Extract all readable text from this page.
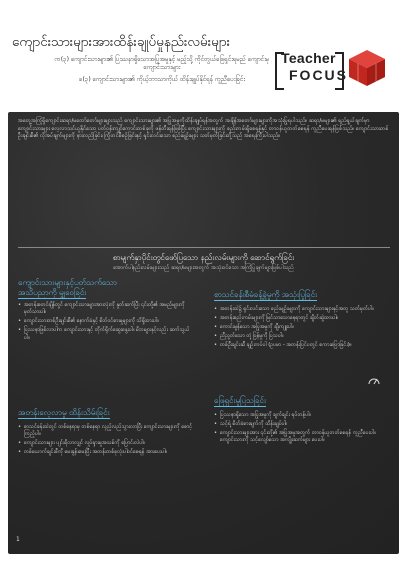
ကျောင်းသားများအားထိန်းချုပ်မှုနည်းလမ်းများ
က(၃) ကျောင်းသားများ၏ ပြဿနာရှိသောအပြုအမူနှင့် မည့်သို့ ကိုင်တွယ်ဖြေရှင်းရမည် ကျောင်းမှ ကျောင်းသားများ
ခ(၃) ကျောင်းသားများ၏ ကိုယ့်ဘာသာကိုယ် ထိန်းချုပ်နိုင်ရန် ကူညီပေးခြင်း
Teacher
FOCUS
အတွေ့အကြုံရှိကျောင်းဆရာ/မတော်တော်များများသည် ကျောင်းသားများ၏ အပြုအမူကိုထိန်းချုပ်ရန်အတွက် အချိန်အတော်များများကိုအသုံးပြုရပါသည်။ ဆရာ/မများ၏ ရည်ရွယ်ချက်မှာ ကျောင်းသားများ လေ့လာသင်ယူနိုင်သော ပတ်ဝန်းကျင်ကောင်းတစ်ခုကို ဖန်တီးရန်ဖြစ်ပြီး ကျောင်းသားများကို စည်းကမ်းရှိစေရန်နှင့် တာဝန်ယူတတ်စေရန် ကူညီပေးရန်ဖြစ်သည်။ ကျောင်းသားတစ်ဦးချင်းစီ၏ လိုအပ်ချက်များကို နားလည်ခြင်း၊ ကြိုတင်စီစဉ်ခြင်းနှင့် ရှင်းလင်းသော စည်းမျဉ်းများ သတ်မှတ်ခြင်းတို့သည် အရေးကြီးပါသည်။
စာမျက်နှာပိုင်းတွင်ဖော်ပြသော နည်းလမ်းများကို ဆောင်ရွက်ခြင်း
အောက်ပါနည်းလမ်းများသည် ဆရာ/မများအတွက် အသုံးဝင်သော အကြံပြုချက်များဖြစ်ပါသည်
ကျောင်းသားများနှင့်ပတ်သက်သော
အသိပညာကို မျှဝေခြင်း
• အတန်းစတင်ချိန်တွင် ကျောင်းသားများအားလုံးကို နှုတ်ဆက်ပြီး ၎င်းတို့၏ အမည်များကို မှတ်သားပါ။
• ကျောင်းသားတစ်ဦးချင်းစီ၏ နောက်ခံနှင့် စိတ်ဝင်စားမှုများကို သိရှိထားပါ။
• ပြဿနာဖြစ်လာပါက ကျောင်းသားနှင့် တိုက်ရိုက်ဆွေးနွေးပါ။ မိဘများနှင့်လည်း ဆက်သွယ်ပါ။
စာသင်ခန်းစီမံခန့်ခွဲမှုကို အသုံးပြုခြင်း
• အတန်းထဲ၌ ရှင်းလင်းသော စည်းမျဉ်းများကို ကျောင်းသားများနှင့်အတူ သတ်မှတ်ပါ။
• အတန်းစည်းကမ်းများကို မြင်သာသောနေရာတွင် ချိတ်ဆွဲထားပါ။
• ကောင်းမွန်သော အပြုအမူကို ချီးကျူးပါ။
• ညီညွတ်သော တုံ့ပြန်မှုကို ပြသပါ။
• တစ်ဦးချင်းဆီ ချဉ်းကပ်ပါ (ဥပမာ - အတန်းပြင်ပတွင် စကားပြောခြင်း)။
အတန်းလေ့လာမှု ထိန်းသိမ်းခြင်း
• စာသင်ခန်းထဲတွင် တစ်နေရာမှ တစ်နေရာ လှည့်လည်သွားလာပြီး ကျောင်းသားများကို စောင့်ကြည့်ပါ။
• ကျောင်းသားများ ပျင်းရိလာလျှင် လှုပ်ရှားမှုအသစ်ကို ပြောင်းလဲပါ။
• တစ်ယောက်ချင်းစီကို မေးခွန်းမေးပြီး အတန်းတစ်ခုလုံးပါဝင်စေရန် အားပေးပါ။
ဖြေရှင်းမှုပြသခြင်း
• ပြဿနာရှိသော အပြုအမူကို ချက်ချင်း ရပ်တန့်ပါ။
• သင့်ရဲ့ စိတ်ခံစားချက်ကို ထိန်းချုပ်ပါ။
• ကျောင်းသားများအား ၎င်းတို့၏ အပြုအမူအတွက် တာဝန်ယူတတ်စေရန် ကူညီပေးပါ။ ကျောင်းသားကို သင့်လျော်သော အကျိုးဆက်များ ပေးပါ။
1
